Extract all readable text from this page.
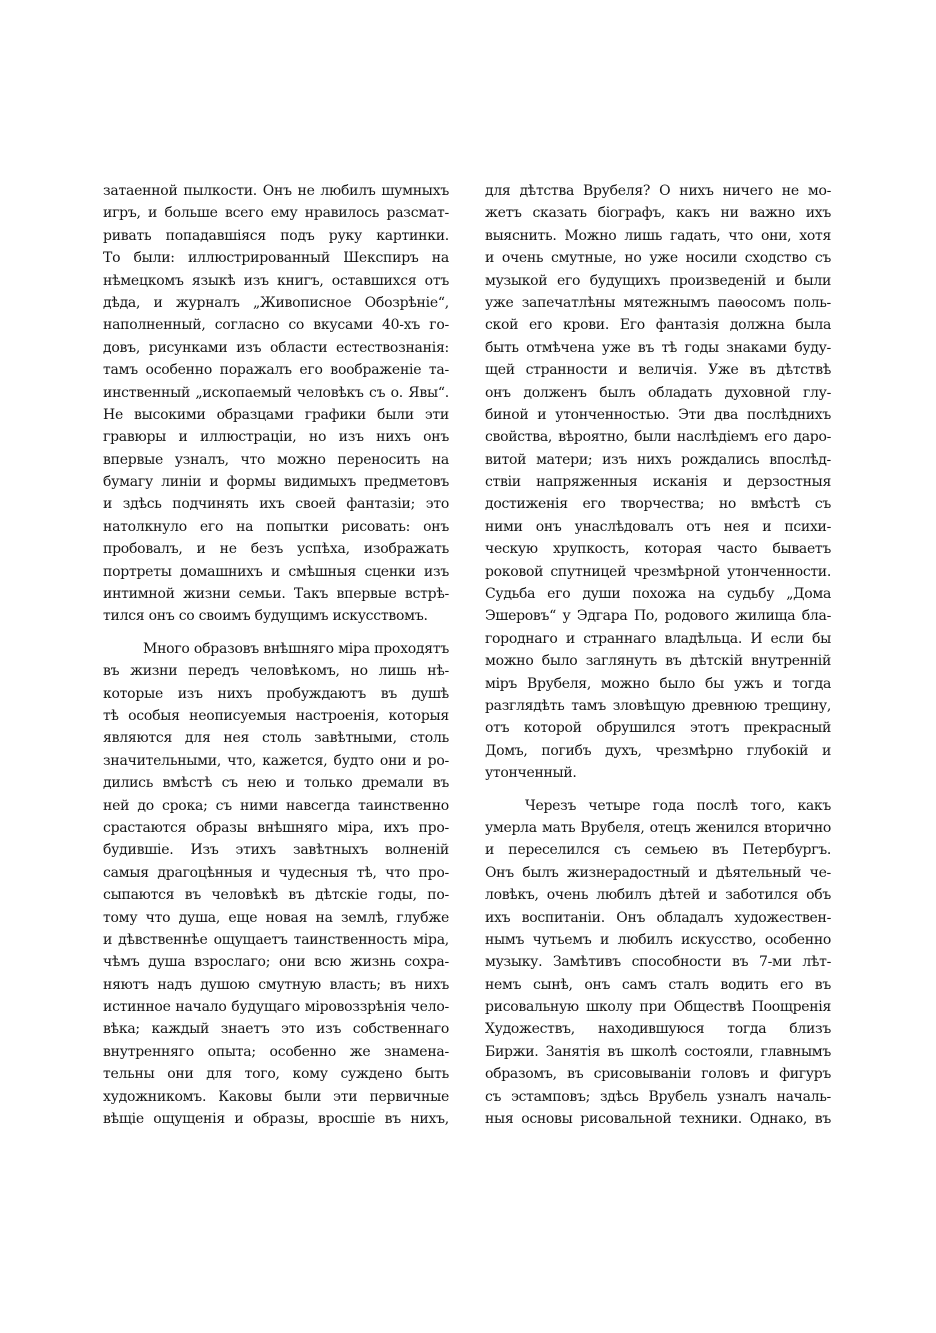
затаенной пылкости. Онъ не любилъ шумныхъ
игръ, и больше всего ему нравилось разсмат-
ривать попадавшіяся подъ руку картинки.
То были: иллюстрированный Шекспиръ на
нѣмецкомъ языкѣ изъ книгъ, оставшихся отъ
дѣда, и журналъ „Живописное Обозрѣніе“,
наполненный, согласно со вкусами 40-хъ го-
довъ, рисунками изъ области естествознанія:
тамъ особенно поражалъ его воображеніе та-
инственный „ископаемый человѣкъ съ о. Явы“.
Не высокими образцами графики были эти
гравюры и иллюстраціи, но изъ нихъ онъ
впервые узналъ, что можно переносить на
бумагу линіи и формы видимыхъ предметовъ
и здѣсь подчинять ихъ своей фантазіи; это
натолкнуло его на попытки рисовать: онъ
пробовалъ, и не безъ успѣха, изображать
портреты домашнихъ и смѣшныя сценки изъ
интимной жизни семьи. Такъ впервые встрѣ-
тился онъ со своимъ будущимъ искусствомъ.

Много образовъ внѣшняго міра проходятъ
въ жизни передъ человѣкомъ, но лишь нѣ-
которые изъ нихъ пробуждаютъ въ душѣ
тѣ особыя неописуемыя настроенія, которыя
являются для нея столь завѣтными, столь
значительными, что, кажется, будто они и ро-
дились вмѣстѣ съ нею и только дремали въ
ней до срока; съ ними навсегда таинственно
срастаются образы внѣшняго міра, ихъ про-
будившіе. Изъ этихъ завѣтныхъ волненій
самыя драгоцѣнныя и чудесныя тѣ, что про-
сыпаются въ человѣкѣ въ дѣтскіе годы, по-
тому что душа, еще новая на землѣ, глубже
и дѣвственнѣе ощущаетъ таинственность міра,
чѣмъ душа взрослаго; они всю жизнь сохра-
няютъ надъ душою смутную власть; въ нихъ
истинное начало будущаго міровоззрѣнія чело-
вѣка; каждый знаетъ это изъ собственнаго
внутренняго опыта; особенно же знамена-
тельны они для того, кому суждено быть
художникомъ. Каковы были эти первичные
вѣщіе ощущенія и образы, вросшіе въ нихъ,

для дѣтства Врубеля? О нихъ ничего не мо-
жетъ сказать біографъ, какъ ни важно ихъ
выяснить. Можно лишь гадать, что они, хотя
и очень смутные, но уже носили сходство съ
музыкой его будущихъ произведеній и были
уже запечатлѣны мятежнымъ паѳосомъ поль-
ской его крови. Его фантазія должна была
быть отмѣчена уже въ тѣ годы знаками буду-
щей странности и величія. Уже въ дѣтствѣ
онъ долженъ былъ обладать духовной глу-
биной и утонченностью. Эти два послѣднихъ
свойства, вѣроятно, были наслѣдіемъ его даро-
витой матери; изъ нихъ рождались впослѣд-
ствіи напряженныя исканія и дерзостныя
достиженія его творчества; но вмѣстѣ съ
ними онъ унаслѣдовалъ отъ нея и психи-
ческую хрупкость, которая часто бываетъ
роковой спутницей чрезмѣрной утонченности.
Судьба его души похожа на судьбу „Дома
Эшеровъ“ у Эдгара По, родового жилища бла-
городнаго и страннаго владѣльца. И если бы
можно было заглянуть въ дѣтскій внутренній
міръ Врубеля, можно было бы ужъ и тогда
разглядѣть тамъ зловѣщую древнюю трещину,
отъ которой обрушился этотъ прекрасный
Домъ, погибъ духъ, чрезмѣрно глубокій и
утонченный.

Черезъ четыре года послѣ того, какъ
умерла мать Врубеля, отецъ женился вторично
и переселился съ семьею въ Петербургъ.
Онъ былъ жизнерадостный и дѣятельный че-
ловѣкъ, очень любилъ дѣтей и заботился объ
ихъ воспитаніи. Онъ обладалъ художествен-
нымъ чутьемъ и любилъ искусство, особенно
музыку. Замѣтивъ способности въ 7-ми лѣт-
немъ сынѣ, онъ самъ сталъ водить его въ
рисовальную школу при Обществѣ Поощренія
Художествъ, находившуюся тогда близъ
Биржи. Занятія въ школѣ состояли, главнымъ
образомъ, въ срисовываніи головъ и фигуръ
съ эстамповъ; здѣсь Врубель узналъ началь-
ныя основы рисовальной техники. Однако, въ
